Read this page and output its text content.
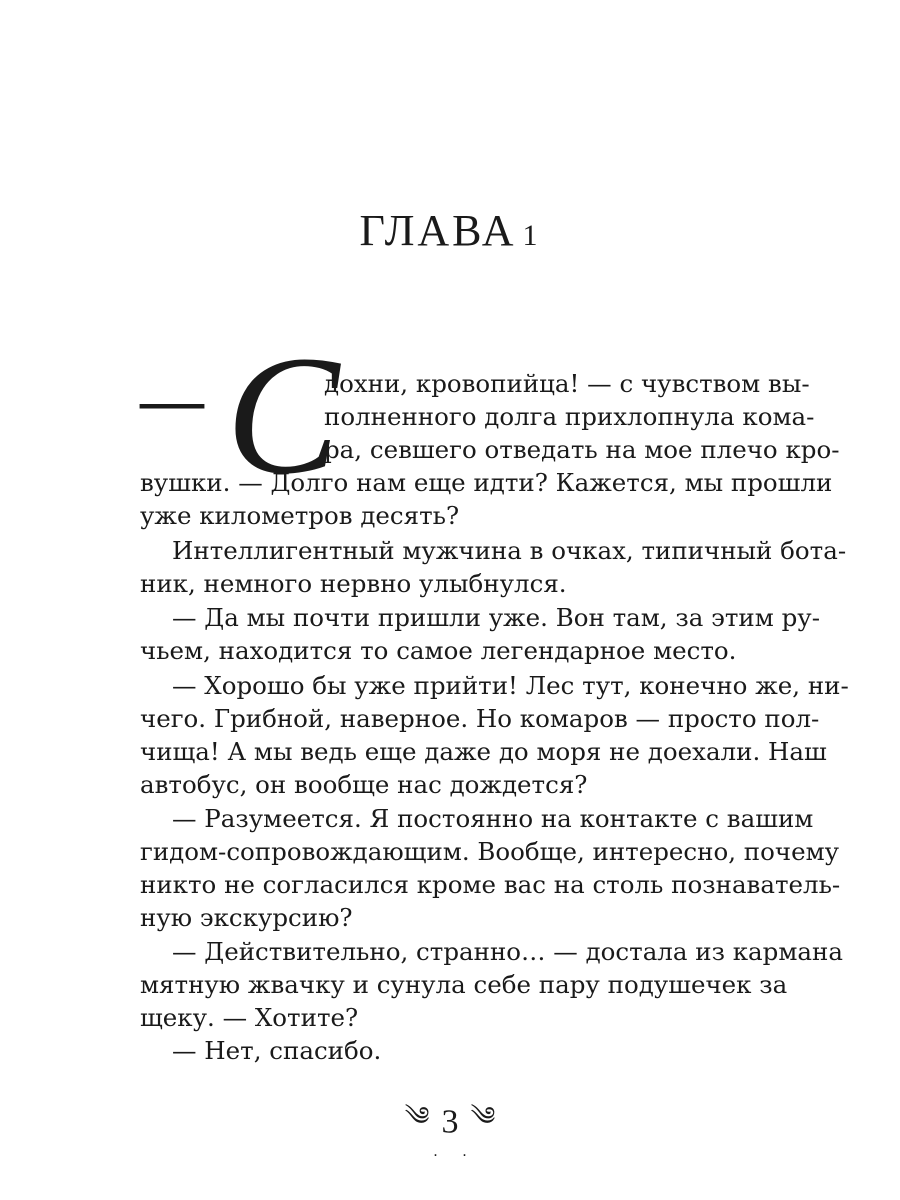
ГЛАВА 1
— С
дохни, кровопийца! — с чувством вы-
полненного долга прихлопнула кома-
ра, севшего отведать на мое плечо кро-
вушки. — Долго нам еще идти? Кажется, мы прошли
уже километров десять?
Интеллигентный мужчина в очках, типичный бота-
ник, немного нервно улыбнулся.
— Да мы почти пришли уже. Вон там, за этим ру-
чьем, находится то самое легендарное место.
— Хорошо бы уже прийти! Лес тут, конечно же, ни-
чего. Грибной, наверное. Но комаров — просто пол-
чища! А мы ведь еще даже до моря не доехали. Наш
автобус, он вообще нас дождется?
— Разумеется. Я постоянно на контакте с вашим
гидом-сопровождающим. Вообще, интересно, почему
никто не согласился кроме вас на столь познаватель-
ную экскурсию?
— Действительно, странно… — достала из кармана
мятную жвачку и сунула себе пару подушечек за
щеку. — Хотите?
— Нет, спасибо.
༄.3.༄
